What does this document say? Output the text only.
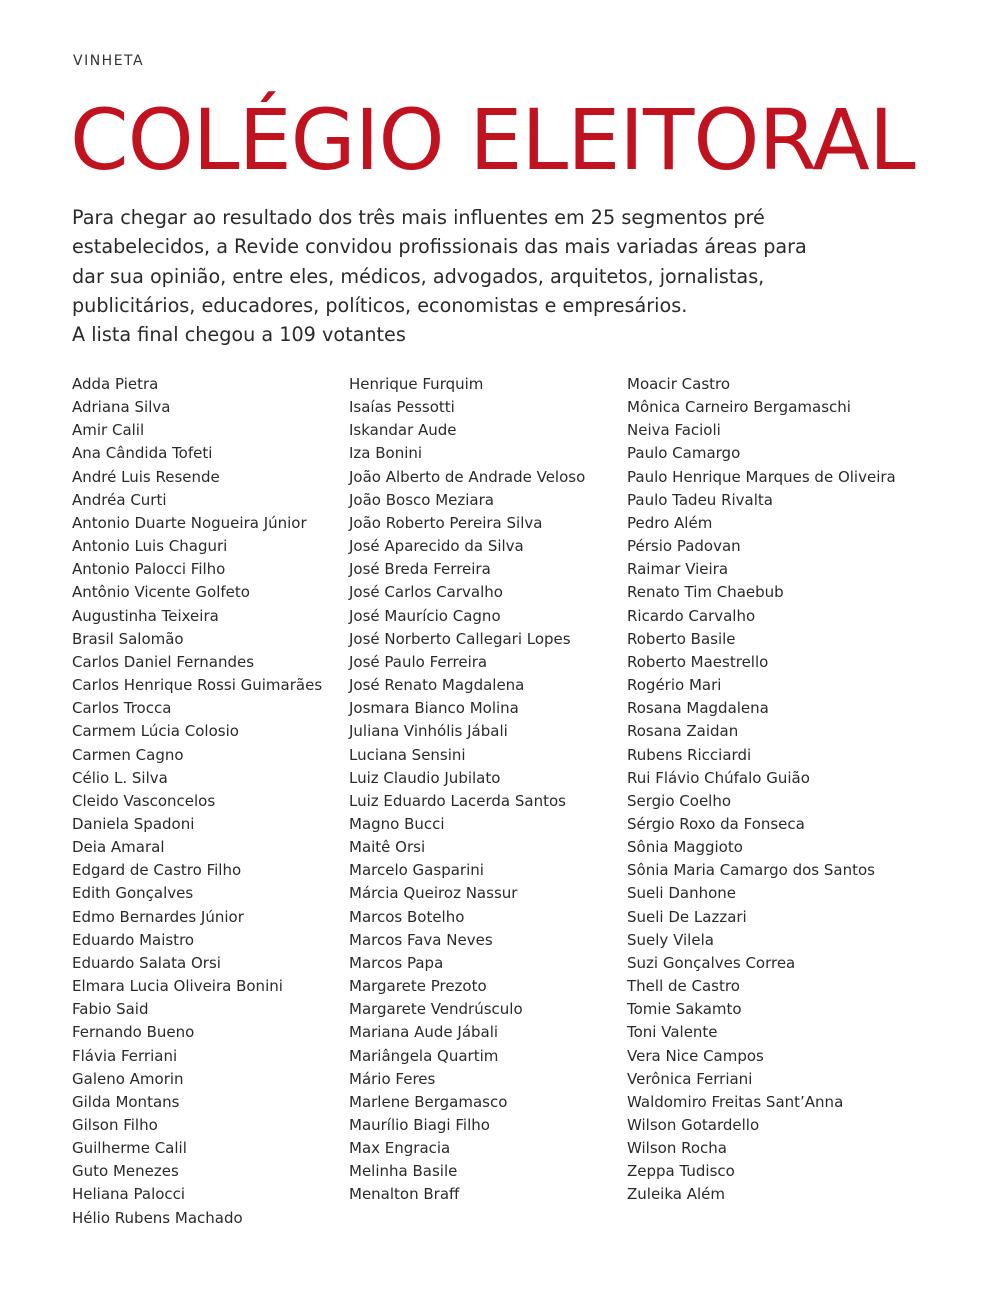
VINHETA
COLÉGIO ELEITORAL

Para chegar ao resultado dos três mais influentes em 25 segmentos pré estabelecidos, a Revide convidou profissionais das mais variadas áreas para dar sua opinião, entre eles, médicos, advogados, arquitetos, jornalistas, publicitários, educadores, políticos, economistas e empresários.

A lista final chegou a 109 votantes

Adda Pietra
Adriana Silva
Amir Calil
Ana Cândida Tofeti
André Luis Resende
Andréa Curti
Antonio Duarte Nogueira Júnior
Antonio Luis Chaguri
Antonio Palocci Filho
Antônio Vicente Golfeto
Augustinha Teixeira
Brasil Salomão
Carlos Daniel Fernandes
Carlos Henrique Rossi Guimarães
Carlos Trocca
Carmem Lúcia Colosio
Carmen Cagno
Célio L. Silva
Cleido Vasconcelos
Daniela Spadoni
Deia Amaral
Edgard de Castro Filho
Edith Gonçalves
Edmo Bernardes Júnior
Eduardo Maistro
Eduardo Salata Orsi
Elmara Lucia Oliveira Bonini
Fabio Said
Fernando Bueno
Flávia Ferriani
Galeno Amorin
Gilda Montans
Gilson Filho
Guilherme Calil
Guto Menezes
Heliana Palocci
Hélio Rubens Machado
Henrique Furquim
Isaías Pessotti
Iskandar Aude
Iza Bonini
João Alberto de Andrade Veloso
João Bosco Meziara
João Roberto Pereira Silva
José Aparecido da Silva
José Breda Ferreira
José Carlos Carvalho
José Maurício Cagno
José Norberto Callegari Lopes
José Paulo Ferreira
José Renato Magdalena
Josmara Bianco Molina
Juliana Vinhólis Jábali
Luciana Sensini
Luiz Claudio Jubilato
Luiz Eduardo Lacerda Santos
Magno Bucci
Maitê Orsi
Marcelo Gasparini
Márcia Queiroz Nassur
Marcos Botelho
Marcos Fava Neves
Marcos Papa
Margarete Prezoto
Margarete Vendrúsculo
Mariana Aude Jábali
Mariângela Quartim
Mário Feres
Marlene Bergamasco
Maurílio Biagi Filho
Max Engracia
Melinha Basile
Menalton Braff
Moacir Castro
Mônica Carneiro Bergamaschi
Neiva Facioli
Paulo Camargo
Paulo Henrique Marques de Oliveira
Paulo Tadeu Rivalta
Pedro Além
Pérsio Padovan
Raimar Vieira
Renato Tim Chaebub
Ricardo Carvalho
Roberto Basile
Roberto Maestrello
Rogério Mari
Rosana Magdalena
Rosana Zaidan
Rubens Ricciardi
Rui Flávio Chúfalo Guião
Sergio Coelho
Sérgio Roxo da Fonseca
Sônia Maggioto
Sônia Maria Camargo dos Santos
Sueli Danhone
Sueli De Lazzari
Suely Vilela
Suzi Gonçalves Correa
Thell de Castro
Tomie Sakamto
Toni Valente
Vera Nice Campos
Verônica Ferriani
Waldomiro Freitas Sant’Anna
Wilson Gotardello
Wilson Rocha
Zeppa Tudisco
Zuleika Além
